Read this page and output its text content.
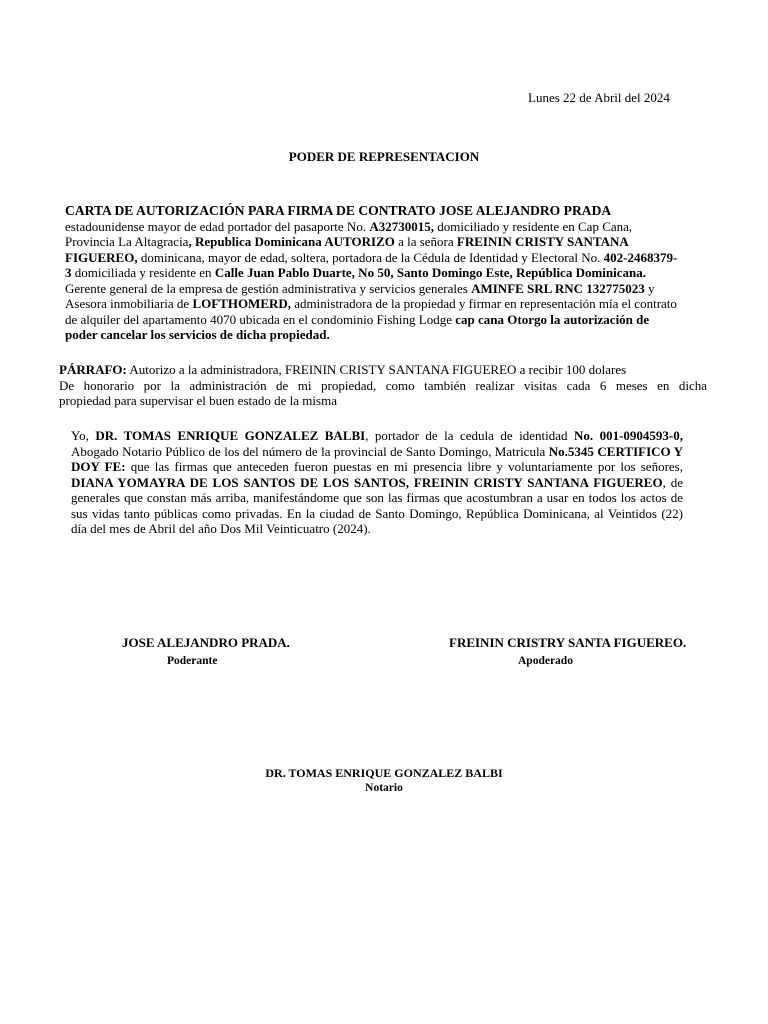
Lunes 22 de Abril del 2024
PODER DE REPRESENTACION
CARTA DE AUTORIZACIÓN PARA FIRMA DE CONTRATO JOSE ALEJANDRO PRADA
estadounidense mayor de edad portador del pasaporte No. A32730015, domiciliado y residente en Cap Cana, Provincia La Altagracia, Republica Dominicana AUTORIZO a la señora FREININ CRISTY SANTANA FIGUEREO, dominicana, mayor de edad, soltera, portadora de la Cédula de Identidad y Electoral No. 402-2468379-3 domiciliada y residente en Calle Juan Pablo Duarte, No 50, Santo Domingo Este, República Dominicana. Gerente general de la empresa de gestión administrativa y servicios generales AMINFE SRL RNC 132775023 y Asesora inmobiliaria de LOFTHOMERD, administradora de la propiedad y firmar en representación mía el contrato de alquiler del apartamento 4070 ubicada en el condominio Fishing Lodge cap cana Otorgo la autorización de poder cancelar los servicios de dicha propiedad.
PÁRRAFO: Autorizo a la administradora, FREININ CRISTY SANTANA FIGUEREO a recibir 100 dolares
De honorario por la administración de mi propiedad, como también realizar visitas cada 6 meses en dicha
propiedad para supervisar el buen estado de la misma
Yo, DR. TOMAS ENRIQUE GONZALEZ BALBI, portador de la cedula de identidad No. 001-0904593-0, Abogado Notario Público de los del número de la provincial de Santo Domingo, Matricula No.5345 CERTIFICO Y DOY FE: que las firmas que anteceden fueron puestas en mi presencia libre y voluntariamente por los señores, DIANA YOMAYRA DE LOS SANTOS DE LOS SANTOS, FREININ CRISTY SANTANA FIGUEREO, de generales que constan más arriba, manifestándome que son las firmas que acostumbran a usar en todos los actos de sus vidas tanto públicas como privadas. En la ciudad de Santo Domingo, República Dominicana, al Veintidos (22) día del mes de Abril del año Dos Mil Veinticuatro (2024).
JOSE ALEJANDRO PRADA.
Poderante
FREININ CRISTRY SANTA FIGUEREO.
Apoderado
DR. TOMAS ENRIQUE GONZALEZ BALBI
Notario
